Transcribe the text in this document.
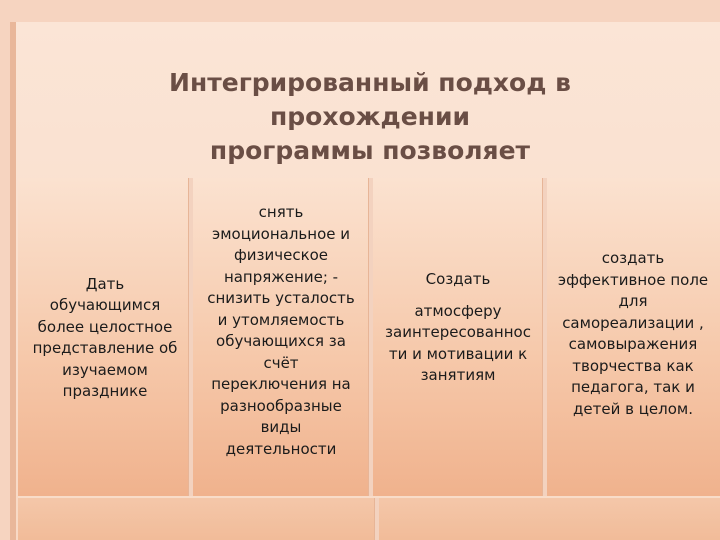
Интегрированный подход в прохождении
программы позволяет
Дать
обучающимся
более целостное
представление об
изучаемом
празднике
снять
эмоциональное и
физическое
напряжение; -
снизить усталость
и утомляемость
обучающихся за
счёт
переключения на
разнообразные
виды
деятельности
Создать
атмосферу
заинтересованнос
ти и мотивации к
занятиям
создать
эффективное поле
для
самореализации ,
самовыражения
творчества как
педагога, так и
детей в целом.
